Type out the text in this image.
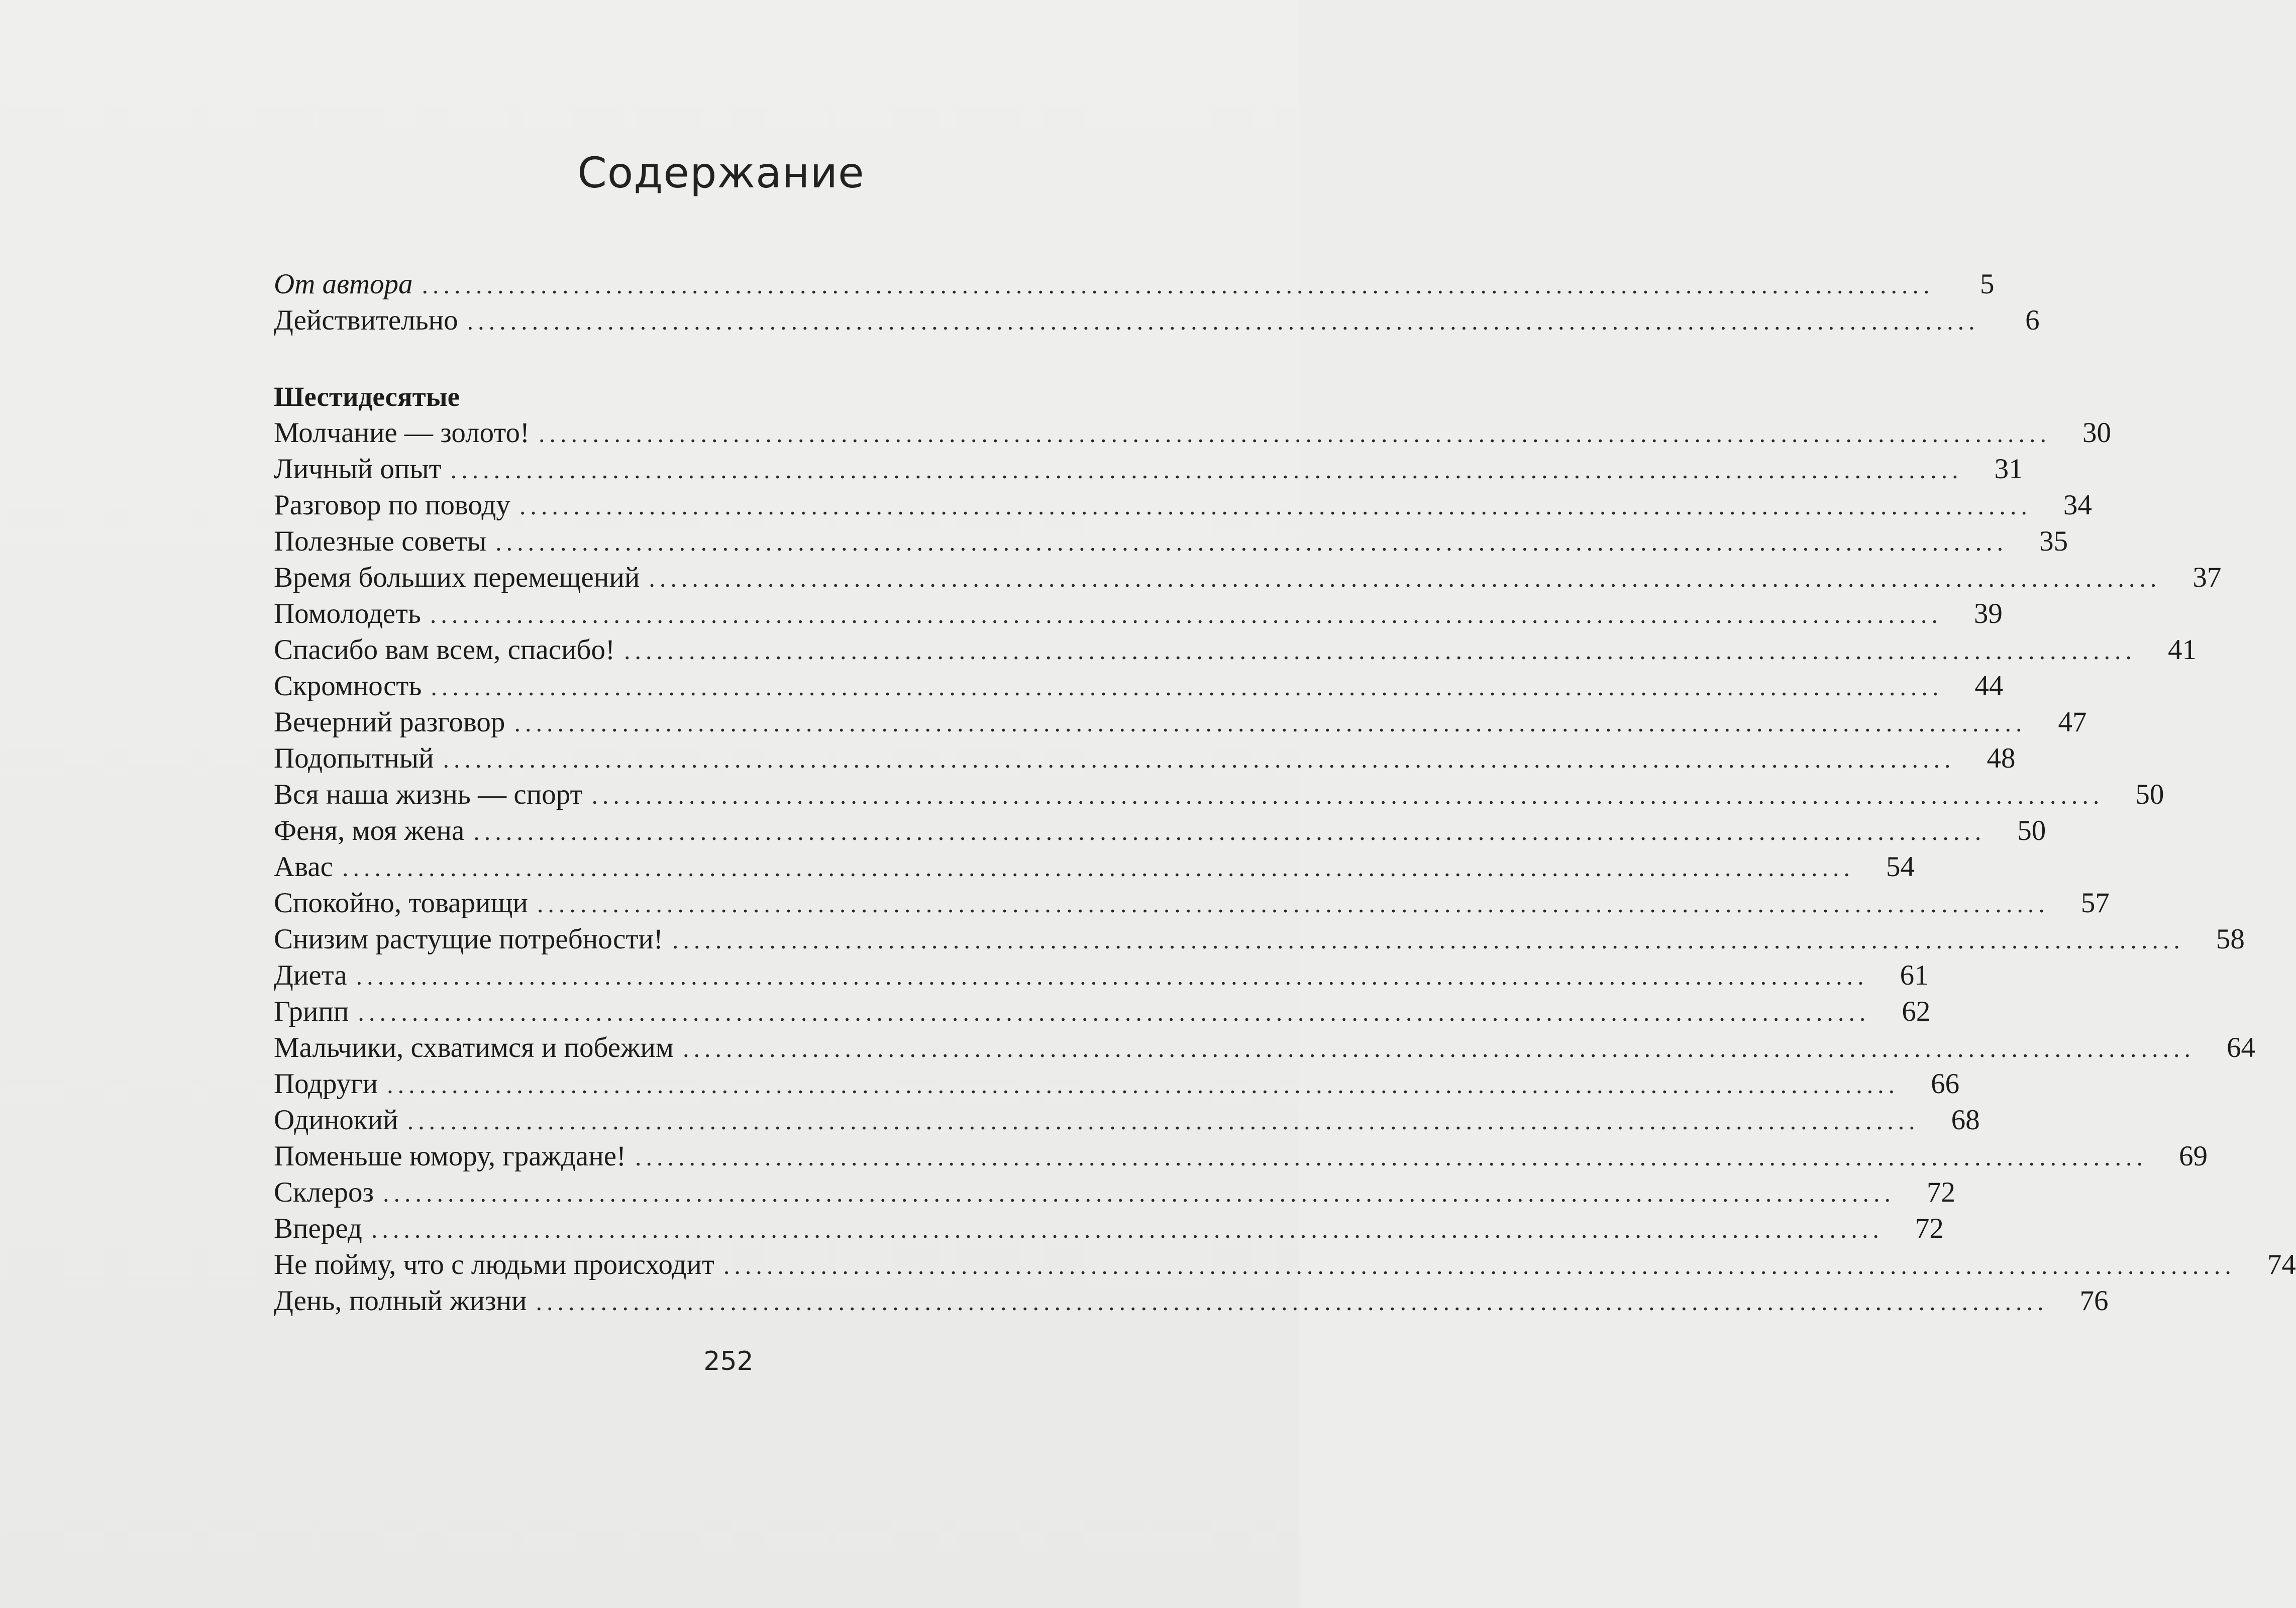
Содержание
От автора ............................................................................................................................................	5
Действительно ............................................................................................................................................	6
Шестидесятые
Молчание — золото! ............................................................................................................................................	30
Личный опыт ............................................................................................................................................	31
Разговор по поводу ............................................................................................................................................	34
Полезные советы ............................................................................................................................................	35
Время больших перемещений ............................................................................................................................................	37
Помолодеть ............................................................................................................................................	39
Спасибо вам всем, спасибо! ............................................................................................................................................	41
Скромность ............................................................................................................................................	44
Вечерний разговор ............................................................................................................................................	47
Подопытный ............................................................................................................................................	48
Вся наша жизнь — спорт ............................................................................................................................................	50
Феня, моя жена ............................................................................................................................................	50
Авас ............................................................................................................................................	54
Спокойно, товарищи ............................................................................................................................................	57
Снизим растущие потребности! ............................................................................................................................................	58
Диета ............................................................................................................................................	61
Грипп ............................................................................................................................................	62
Мальчики, схватимся и побежим ............................................................................................................................................	64
Подруги ............................................................................................................................................	66
Одинокий ............................................................................................................................................	68
Поменьше юмору, граждане! ............................................................................................................................................	69
Склероз ............................................................................................................................................	72
Вперед ............................................................................................................................................	72
Не пойму, что с людьми происходит ............................................................................................................................................	74
День, полный жизни ............................................................................................................................................	76
252
